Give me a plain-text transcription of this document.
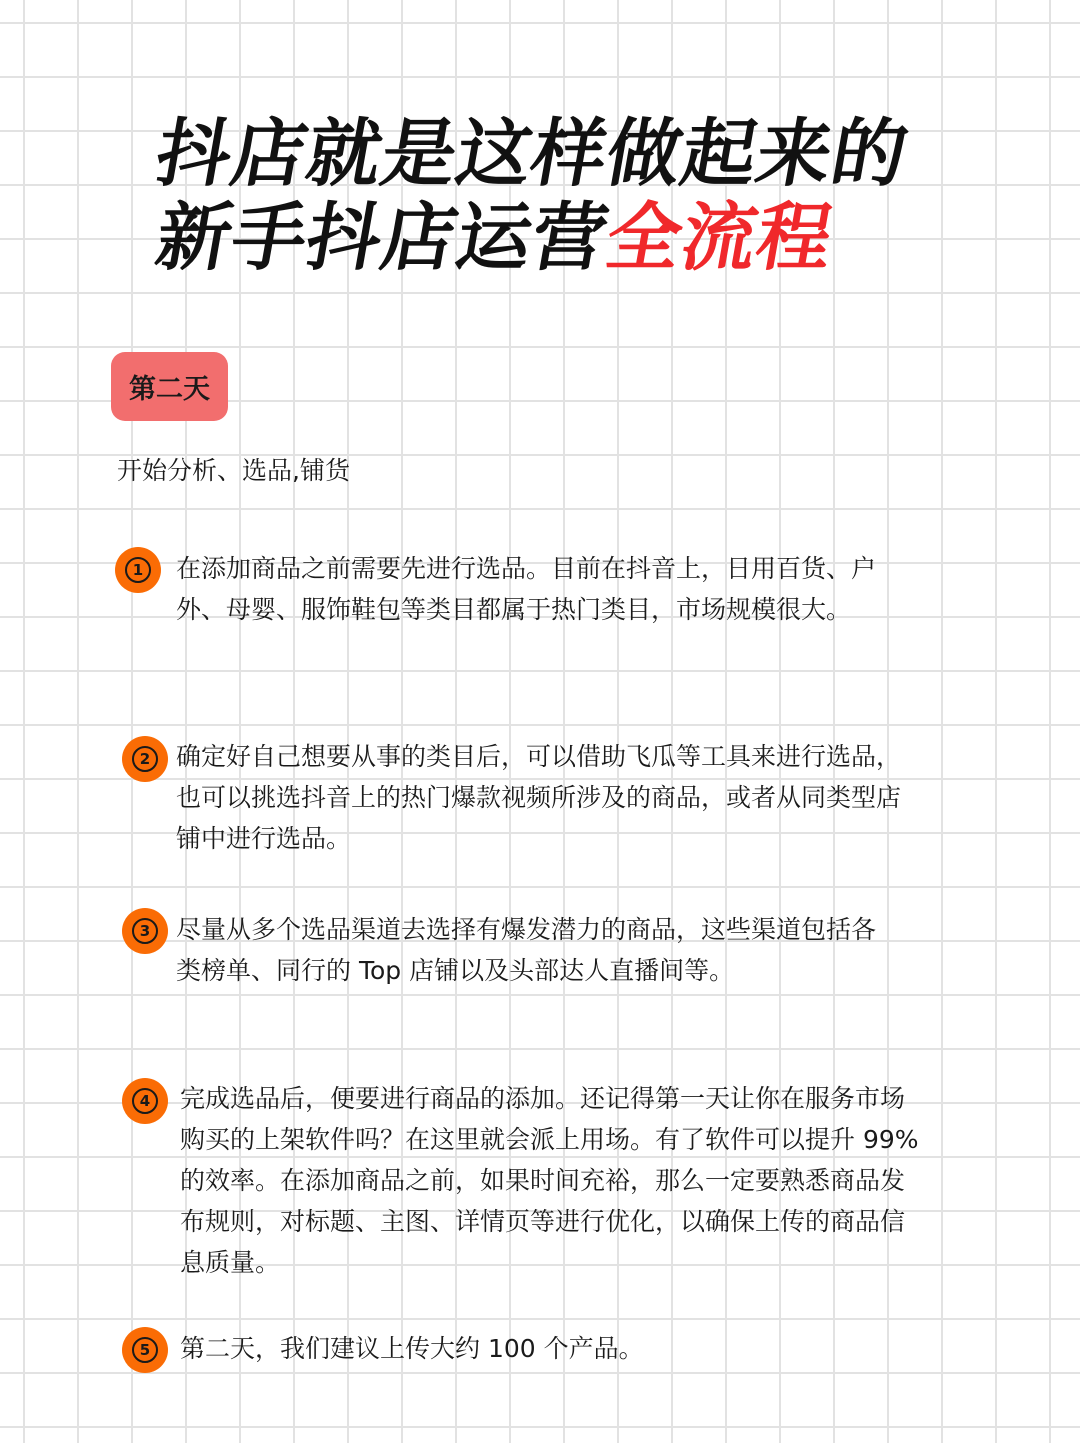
抖店就是这样做起来的
新手抖店运营全流程
第二天
开始分析、选品,铺货
1	在添加商品之前需要先进行选品。目前在抖音上，日用百货、户
外、母婴、服饰鞋包等类目都属于热门类目，市场规模很大。
2	确定好自己想要从事的类目后，可以借助飞瓜等工具来进行选品，
也可以挑选抖音上的热门爆款视频所涉及的商品，或者从同类型店
铺中进行选品。
3	尽量从多个选品渠道去选择有爆发潜力的商品，这些渠道包括各
类榜单、同行的 Top 店铺以及头部达人直播间等。
4	完成选品后，便要进行商品的添加。还记得第一天让你在服务市场
购买的上架软件吗？在这里就会派上用场。有了软件可以提升 99%
的效率。在添加商品之前，如果时间充裕，那么一定要熟悉商品发
布规则，对标题、主图、详情页等进行优化，以确保上传的商品信
息质量。
5	第二天，我们建议上传大约 100 个产品。
